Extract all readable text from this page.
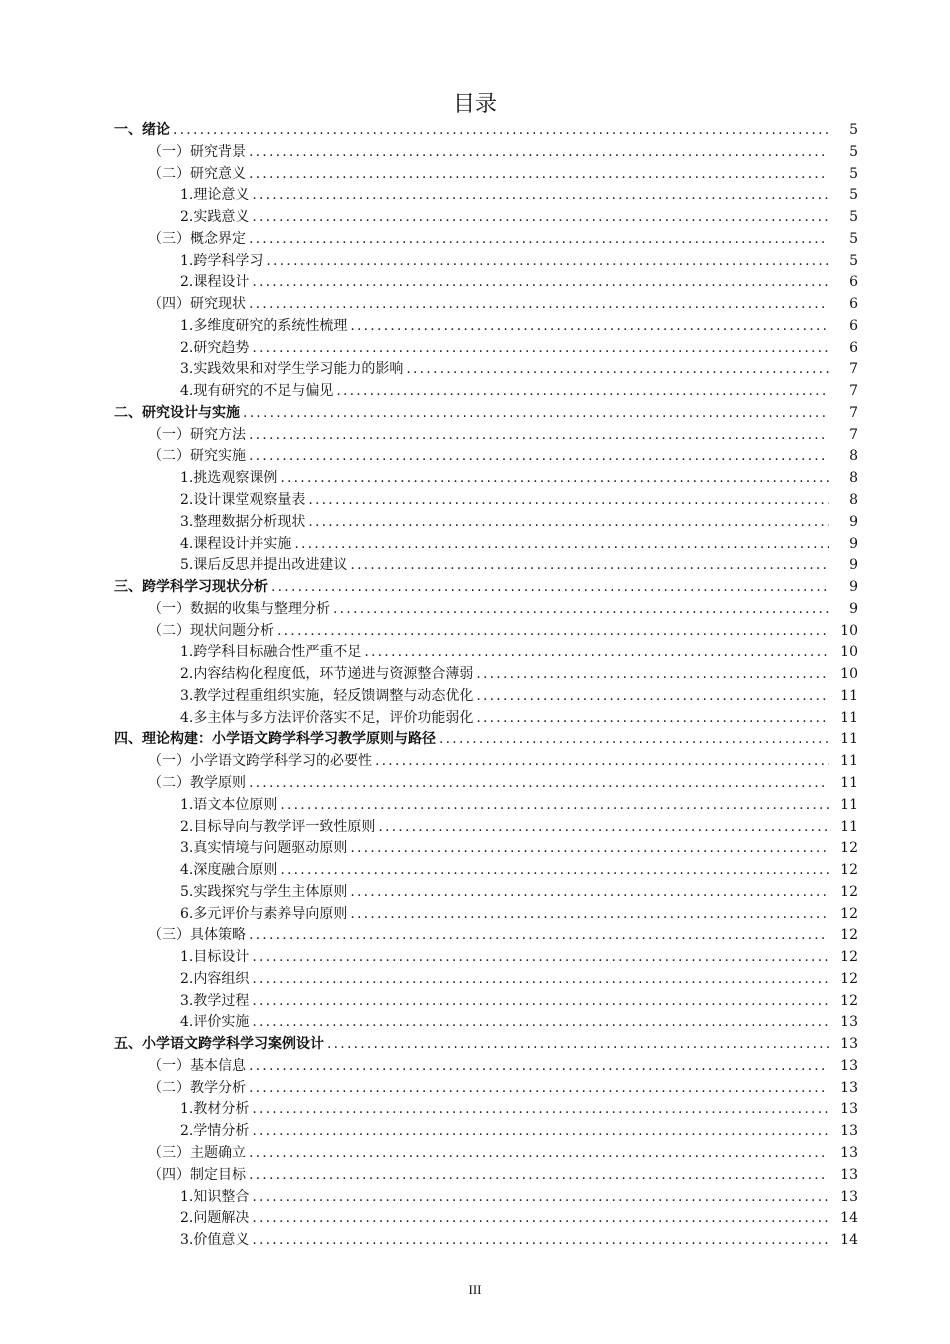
目录
一、绪论 .....	5
（一）研究背景 .....	5
（二）研究意义 .....	5
1.理论意义 .....	5
2.实践意义 .....	5
（三）概念界定 .....	5
1.跨学科学习 .....	5
2.课程设计 .....	6
（四）研究现状 .....	6
1.多维度研究的系统性梳理 .....	6
2.研究趋势 .....	6
3.实践效果和对学生学习能力的影响 .....	7
4.现有研究的不足与偏见 .....	7
二、研究设计与实施 .....	7
（一）研究方法 .....	7
（二）研究实施 .....	8
1.挑选观察课例 .....	8
2.设计课堂观察量表 .....	8
3.整理数据分析现状 .....	9
4.课程设计并实施 .....	9
5.课后反思并提出改进建议 .....	9
三、跨学科学习现状分析 .....	9
（一）数据的收集与整理分析 .....	9
（二）现状问题分析 .....	10
1.跨学科目标融合性严重不足 .....	10
2.内容结构化程度低，环节递进与资源整合薄弱 .....	10
3.教学过程重组织实施，轻反馈调整与动态优化 .....	11
4.多主体与多方法评价落实不足，评价功能弱化 .....	11
四、理论构建：小学语文跨学科学习教学原则与路径 .....	11
（一）小学语文跨学科学习的必要性 .....	11
（二）教学原则 .....	11
1.语文本位原则 .....	11
2.目标导向与教学评一致性原则 .....	11
3.真实情境与问题驱动原则 .....	12
4.深度融合原则 .....	12
5.实践探究与学生主体原则 .....	12
6.多元评价与素养导向原则 .....	12
（三）具体策略 .....	12
1.目标设计 .....	12
2.内容组织 .....	12
3.教学过程 .....	12
4.评价实施 .....	13
五、小学语文跨学科学习案例设计 .....	13
（一）基本信息 .....	13
（二）教学分析 .....	13
1.教材分析 .....	13
2.学情分析 .....	13
（三）主题确立 .....	13
（四）制定目标 .....	13
1.知识整合 .....	13
2.问题解决 .....	14
3.价值意义 .....	14
III
